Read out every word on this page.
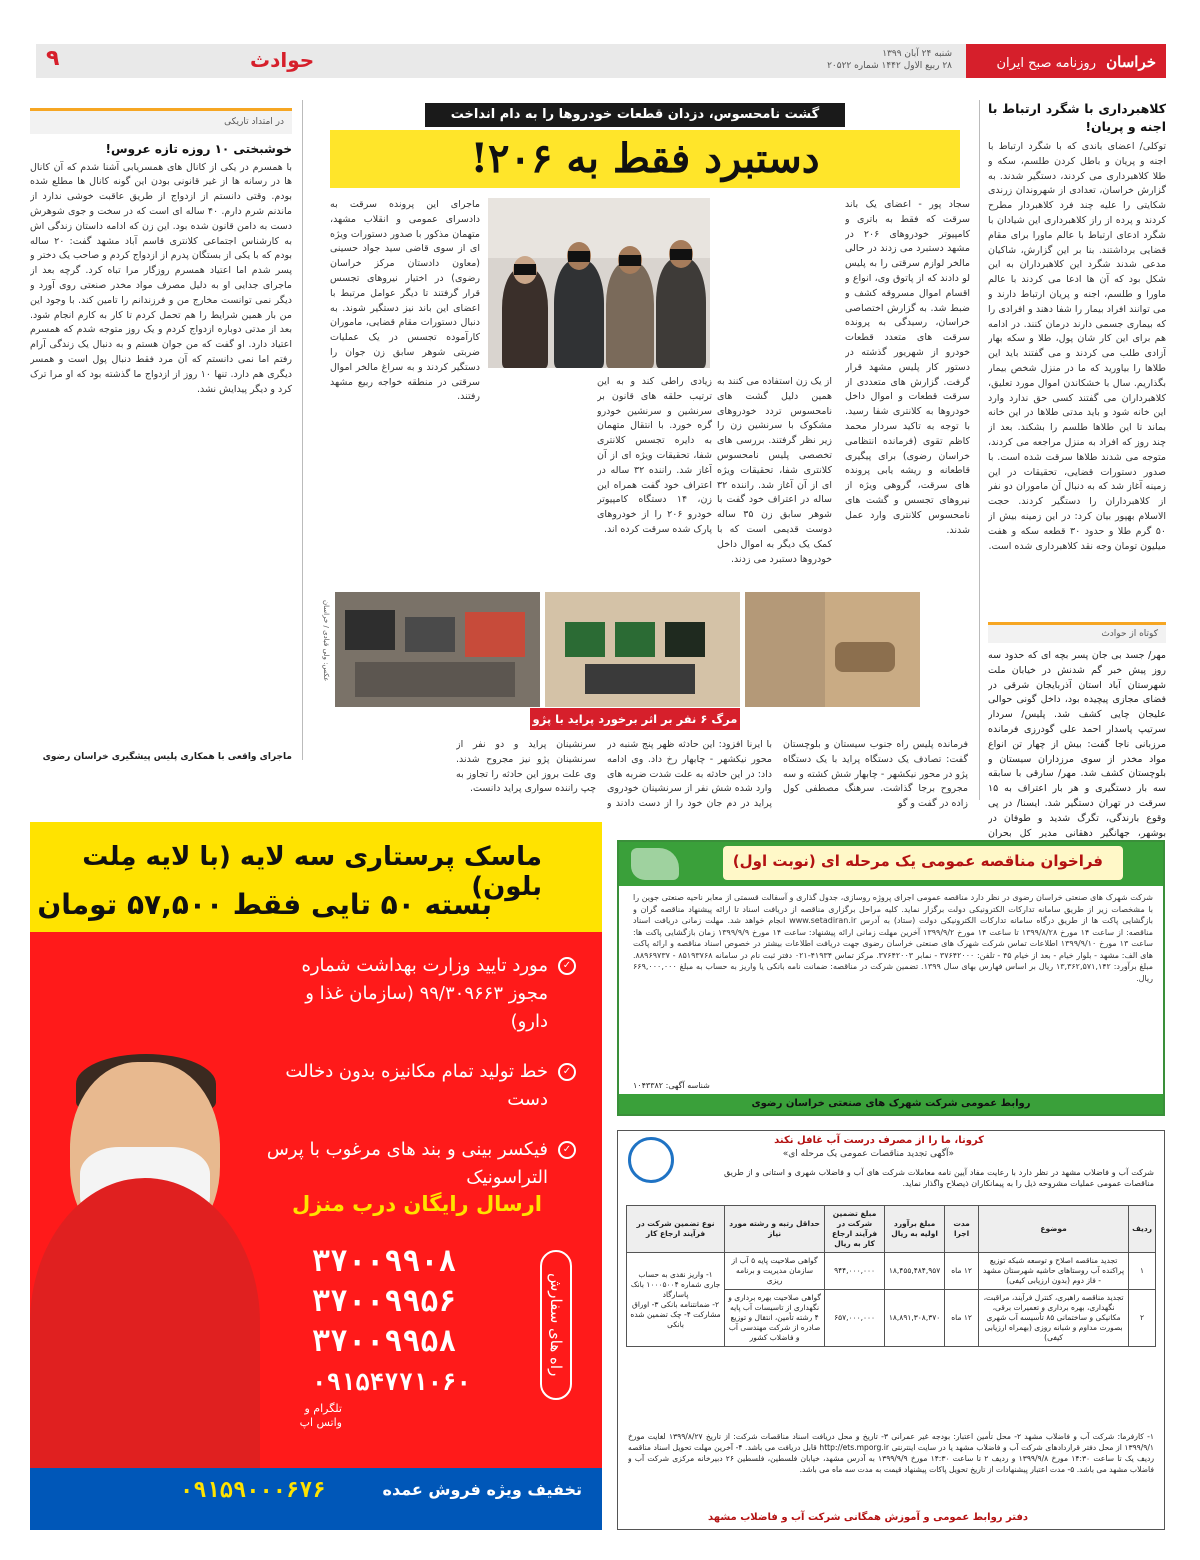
خراسان روزنامه صبح ایران
شنبه ۲۴ آبان ۱۳۹۹
۲۸ ربیع الاول ۱۴۴۲ شماره ۲۰۵۲۲
حوادث
۹
کلاهبرداری با شگرد ارتباط با اجنه و پریان!
توکلی/ اعضای باندی که با شگرد ارتباط با اجنه و پریان و باطل کردن طلسم، سکه و طلا کلاهبرداری می کردند، دستگیر شدند. به گزارش خراسان، تعدادی از شهروندان زرندی شکایتی را علیه چند فرد کلاهبردار مطرح کردند و پرده از راز کلاهبرداری این شیادان با شگرد ادعای ارتباط با عالم ماورا برای مقام قضایی برداشتند. بنا بر این گزارش، شاکیان مدعی شدند شگرد این کلاهبرداران به این شکل بود که آن ها ادعا می کردند با عالم ماورا و طلسم، اجنه و پریان ارتباط دارند و می توانند افراد بیمار را شفا دهند و افرادی را که بیماری جسمی دارند درمان کنند. در ادامه هم برای این کار شان پول، طلا و سکه بهار آزادی طلب می کردند و می گفتند باید این طلاها را بیاورید که ما در منزل شخص بیمار بگذاریم. سال با خشکاندن اموال مورد تعلیق، کلاهبرداران می گفتند کسی حق ندارد وارد این خانه شود و باید مدتی طلاها در این خانه بماند تا این طلاها طلسم را بشکند. بعد از چند روز که افراد به منزل مراجعه می کردند، متوجه می شدند طلاها سرقت شده است. با صدور دستورات قضایی، تحقیقات در این زمینه آغاز شد که به دنبال آن ماموران دو نفر از کلاهبرداران را دستگیر کردند. حجت الاسلام بهپور بیان کرد: در این زمینه بیش از ۵۰ گرم طلا و حدود ۳۰ قطعه سکه و هفت میلیون تومان وجه نقد کلاهبرداری شده است.
کوتاه از حوادث
مهر/ جسد بی جان پسر بچه ای که حدود سه روز پیش خبر گم شدنش در خیابان ملت شهرستان آباد استان آذربایجان شرقی در فضای مجازی پیچیده بود، داخل گونی حوالی علیجان چایی کشف شد. پلیس/ سردار سرتیپ پاسدار احمد علی گودرزی فرمانده مرزبانی ناجا گفت: بیش از چهار تن انواع مواد مخدر از سوی مرزداران سیستان و بلوچستان کشف شد. مهر/ سارقی با سابقه سه بار دستگیری و هر بار اعتراف به ۱۵ سرقت در تهران دستگیر شد. ایسنا/ در پی وقوع بارندگی، تگرگ شدید و طوفان در بوشهر، جهانگیر دهقانی مدیر کل بحران
گشت نامحسوس، دزدان قطعات خودروها را به دام انداخت
دستبرد فقط به ۲۰۶!
سجاد پور - اعضای یک باند سرقت که فقط به باتری و کامپیوتر خودروهای ۲۰۶ در مشهد دستبرد می زدند در حالی مالخر لوازم سرقتی را به پلیس لو دادند که از پاتوق وی، انواع و اقسام اموال مسروقه کشف و ضبط شد. به گزارش اختصاصی خراسان، رسیدگی به پرونده سرقت های متعدد قطعات خودرو از شهریور گذشته در دستور کار پلیس مشهد قرار گرفت. گزارش های متعددی از سرقت قطعات و اموال داخل خودروها به کلانتری شفا رسید. با توجه به تاکید سردار محمد کاظم تقوی (فرمانده انتظامی خراسان رضوی) برای پیگیری قاطعانه و ریشه یابی پرونده های سرقت، گروهی ویژه از نیروهای تجسس و گشت های نامحسوس کلانتری وارد عمل شدند.
ماجرای این پرونده سرقت به دادسرای عمومی و انقلاب مشهد، متهمان مذکور با صدور دستورات ویژه ای از سوی قاضی سید جواد حسینی (معاون دادستان مرکز خراسان رضوی) در اختیار نیروهای تجسس قرار گرفتند تا دیگر عوامل مرتبط با اعضای این باند نیز دستگیر شوند. به دنبال دستورات مقام قضایی، ماموران کارآموده تجسس در یک عملیات ضربتی شوهر سابق زن جوان را دستگیر کردند و به سراغ مالخر اموال سرقتی در منطقه خواجه ربیع مشهد رفتند.
از یک زن استفاده می کنند به همین دلیل گشت های نامحسوس تردد خودروهای مشکوک با سرنشین زن را زیر نظر گرفتند. بررسی های تخصصی پلیس نامحسوس کلانتری شفا، تحقیقات ویژه ای از آن آغاز شد. راننده ۳۲ ساله در اعتراف خود گفت با شوهر سابق زن ۳۵ ساله دوست قدیمی است که با کمک یک دیگر به اموال داخل خودروها دستبرد می زدند.
زیادی راطی کند و به این ترتیب حلقه های قانون بر سرنشین و سرنشین خودرو گره خورد. با انتقال متهمان به دایره تجسس کلانتری شفا، تحقیقات ویژه ای از آن آغاز شد. راننده ۳۲ ساله در اعتراف خود گفت همراه این زن، ۱۴ دستگاه کامپیوتر خودرو ۲۰۶ را از خودروهای پارک شده سرقت کرده اند.
عکس: ولی قبادی / خراسان
مرگ ۶ نفر بر اثر برخورد پراید با پژو
فرمانده پلیس راه جنوب سیستان و بلوچستان گفت: تصادف یک دستگاه پراید با یک دستگاه پژو در محور نیکشهر - چابهار شش کشته و سه مجروح برجا گذاشت. سرهنگ مصطفی کول زاده در گفت و گو
با ایرنا افزود: این حادثه ظهر پنج شنبه در محور نیکشهر - چابهار رخ داد. وی ادامه داد: در این حادثه به علت شدت ضربه های وارد شده شش نفر از سرنشینان خودروی پراید در دم جان خود را از دست دادند و
سرنشینان پراید و دو نفر از سرنشینان پژو نیز مجروح شدند. وی علت بروز این حادثه را تجاوز به چپ راننده سواری پراید دانست.
در امتداد تاریکی
خوشبختی ۱۰ روزه تازه عروس!
با همسرم در یکی از کانال های همسریابی آشنا شدم که آن کانال ها در رسانه ها از غیر قانونی بودن این گونه کانال ها مطلع شده بودم. وقتی دانستم از ازدواج از طریق عاقبت خوشی ندارد از ماندنم شرم دارم. ۴۰ ساله ای است که در سخت و جوی شوهرش دست به دامن قانون شده بود. این زن که ادامه داستان زندگی اش به کارشناس اجتماعی کلانتری قاسم آباد مشهد گفت: ۲۰ ساله بودم که با یکی از بستگان پدرم از ازدواج کردم و صاحب یک دختر و پسر شدم اما اعتیاد همسرم روزگار مرا تباه کرد. گرچه بعد از ماجرای جدایی او به دلیل مصرف مواد مخدر صنعتی روی آورد و دیگر نمی توانست مخارج من و فرزندانم را تامین کند. با وجود این من بار همین شرایط را هم تحمل کردم تا کار به کارم انجام شود. بعد از مدتی دوباره ازدواج کردم و یک روز متوجه شدم که همسرم اعتیاد دارد. او گفت که من جوان هستم و به دنبال یک زندگی آرام رفتم اما نمی دانستم که آن مرد فقط دنبال پول است و همسر دیگری هم دارد. تنها ۱۰ روز از ازدواج ما گذشته بود که او مرا ترک کرد و دیگر پیدایش نشد.
ماجرای واقعی با همکاری پلیس پیشگیری خراسان رضوی
ماسک پرستاری سه لایه (با لایه مِلت بلون)
بسته ۵۰ تایی فقط ۵۷,۵۰۰ تومان
✓
مورد تایید وزارت بهداشت شماره مجوز ۹۹/۳۰۹۶۶۳ (سازمان غذا و دارو)
✓
خط تولید تمام مکانیزه بدون دخالت دست
✓
فیکسر بینی و بند های مرغوب با پرس التراسونیک
ارسال رایگان درب منزل
۳۷۰۰۹۹۰۸
۳۷۰۰۹۹۵۶
۳۷۰۰۹۹۵۸
۰۹۱۵۴۷۷۱۰۶۰
راه های سفارش
تلگرام و واتس اپ
۰۹۱۵۹۰۰۰۶۷۶	تخفیف ویژه فروش عمده
فراخوان مناقصه عمومی یک مرحله ای (نوبت اول)
شرکت شهرک های صنعتی خراسان رضوی در نظر دارد مناقصه عمومی اجرای پروژه روسازی، جدول گذاری و آسفالت قسمتی از معابر ناحیه صنعتی جوین را با مشخصات زیر از طریق سامانه تدارکات الکترونیکی دولت برگزار نماید. کلیه مراحل برگزاری مناقصه از دریافت اسناد تا ارائه پیشنهاد مناقصه گران و بازگشایی پاکت ها از طریق درگاه سامانه تدارکات الکترونیکی دولت (ستاد) به آدرس www.setadiran.ir انجام خواهد شد. مهلت زمانی دریافت اسناد مناقصه: از ساعت ۱۴ مورخ ۱۳۹۹/۸/۲۸ تا ساعت ۱۴ مورخ ۱۳۹۹/۹/۲ آخرین مهلت زمانی ارائه پیشنهاد: ساعت ۱۴ مورخ ۱۳۹۹/۹/۹ زمان بازگشایی پاکت ها: ساعت ۱۳ مورخ ۱۳۹۹/۹/۱۰ اطلاعات تماس شرکت شهرک های صنعتی خراسان رضوی جهت دریافت اطلاعات بیشتر در خصوص اسناد مناقصه و ارائه پاکت های الف: مشهد - بلوار خیام - بعد از خیام ۴۵ - تلفن: ۳۷۶۴۲۰۰۰ - نمابر ۳۷۶۴۲۰۰۳. مرکز تماس ۴۱۹۳۴-۰۲۱ دفتر ثبت نام در سامانه ۸۵۱۹۳۷۶۸ - ۸۸۹۶۹۷۳۷. مبلغ برآورد: ۱۳,۳۶۲,۵۷۱,۱۴۲ ریال بر اساس فهارس بهای سال ۱۳۹۹. تضمین شرکت در مناقصه: ضمانت نامه بانکی یا واریز به حساب به مبلغ ۶۶۹,۰۰۰,۰۰۰ ریال.
شناسه آگهی: ۱۰۴۳۳۸۲
روابط عمومی شرکت شهرک های صنعتی خراسان رضوی
کرونا، ما را از مصرف درست آب غافل نکند
«آگهی تجدید مناقصات عمومی یک مرحله ای»
شرکت آب و فاضلاب مشهد در نظر دارد با رعایت مفاد آیین نامه معاملات شرکت های آب و فاضلاب شهری و استانی و از طریق مناقصات عمومی عملیات مشروحه ذیل را به پیمانکاران ذیصلاح واگذار نماید.
ردیف	موضوع	مدت اجرا	مبلغ برآورد اولیه به ریال	مبلغ تضمین شرکت در فرآیند ارجاع کار به ریال	حداقل رتبه و رشته مورد نیاز	نوع تضمین شرکت در فرآیند ارجاع کار
۱	تجدید مناقصه اصلاح و توسعه شبکه توزیع پراکنده آب روستاهای حاشیه شهرستان مشهد - فاز دوم (بدون ارزیابی کیفی)	۱۲ ماه	۱۸,۴۵۵,۴۸۴,۹۵۷	۹۴۴,۰۰۰,۰۰۰	گواهی صلاحیت پایه ۵ آب از سازمان مدیریت و برنامه ریزی	۱- واریز نقدی به حساب جاری شماره ۱۰۰۰۵۰۰۴ بانک پاسارگاد
۲- ضمانتنامه بانکی ۳- اوراق مشارکت ۴- چک تضمین شده بانکی

۲	تجدید مناقصه راهبری، کنترل فرآیند، مراقبت، نگهداری، بهره برداری و تعمیرات برقی، مکانیکی و ساختمانی ۸۵ تأسیسه آب شهری بصورت مداوم و شبانه روزی (بهمراه ارزیابی کیفی)	۱۲ ماه	۱۸,۸۹۱,۳۰۸,۳۷۰	۶۵۷,۰۰۰,۰۰۰	گواهی صلاحیت بهره برداری و نگهداری از تاسیسات آب پایه ۴ رشته تأمین، انتقال و توزیع صادره از شرکت مهندسی آب و فاضلاب کشور	
۱- کارفرما: شرکت آب و فاضلاب مشهد ۲- محل تأمین اعتبار: بودجه غیر عمرانی ۳- تاریخ و محل دریافت اسناد مناقصات شرکت: از تاریخ ۱۳۹۹/۸/۲۷ لغایت مورخ ۱۳۹۹/۹/۱ از محل دفتر قراردادهای شرکت آب و فاضلاب مشهد یا در سایت اینترنتی http://ets.mporg.ir قابل دریافت می باشد. ۴- آخرین مهلت تحویل اسناد مناقصه ردیف یک تا ساعت ۱۴:۳۰ مورخ ۱۳۹۹/۹/۸ و ردیف ۲ تا ساعت ۱۴:۳۰ مورخ ۱۳۹۹/۹/۹ به آدرس مشهد، خیابان فلسطین، فلسطین ۲۶ دبیرخانه مرکزی شرکت آب و فاضلاب مشهد می باشد. ۵- مدت اعتبار پیشنهادات از تاریخ تحویل پاکات پیشنهاد قیمت به مدت سه ماه می باشد.
دفتر روابط عمومی و آموزش همگانی شرکت آب و فاضلاب مشهد
